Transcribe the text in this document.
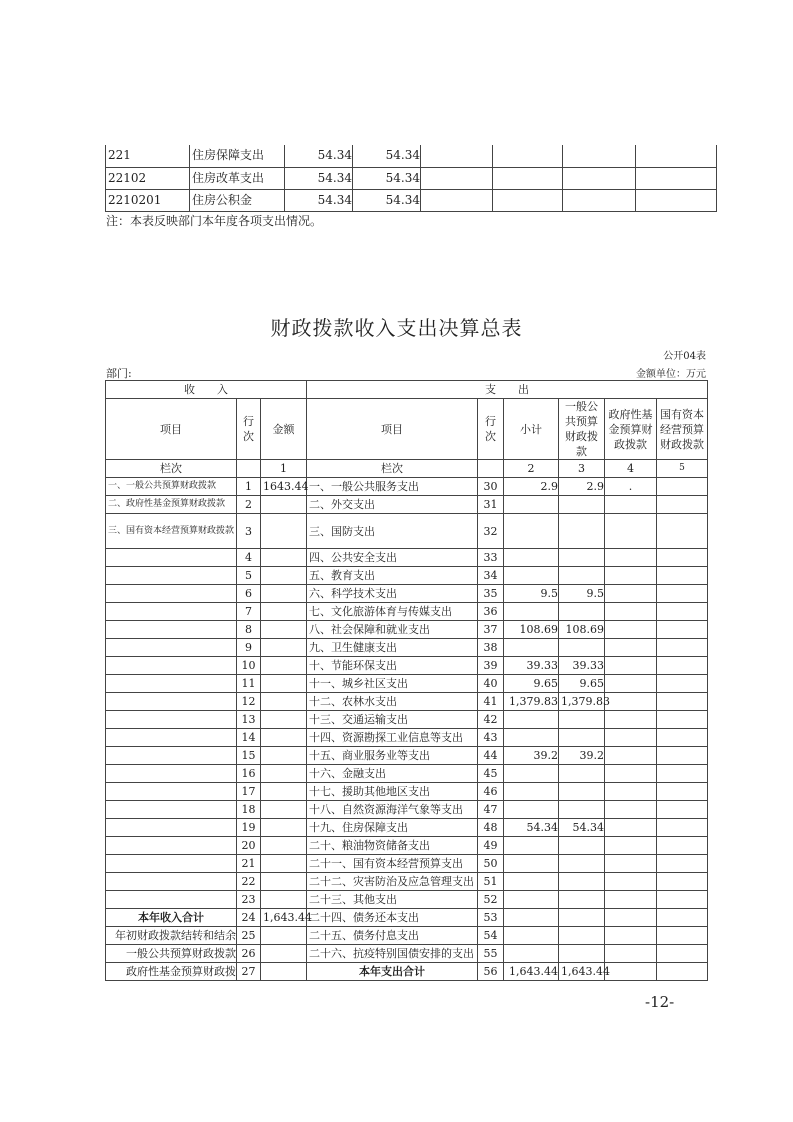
221	住房保障支出	54.34	54.34				
22102	住房改革支出	54.34	54.34				
2210201	住房公积金	54.34	54.34				
注：本表反映部门本年度各项支出情况。
财政拨款收入支出决算总表
公开04表
部门:	金额单位：万元
收　　入			支　　出					
项目	行次	金额	项目	行次	小计	一般公共预算财政拨款	政府性基金预算财政拨款	国有资本经营预算财政拨款
栏次		1	栏次		2	3	4	5
一、一般公共预算财政拨款	1	1643.44	一、一般公共服务支出	30	2.9	2.9	.	
二、政府性基金预算财政拨款	2		二、外交支出	31				
三、国有资本经营预算财政拨款	3		三、国防支出	32				
	4		四、公共安全支出	33				
	5		五、教育支出	34				
	6		六、科学技术支出	35	9.5	9.5		
	7		七、文化旅游体育与传媒支出	36				
	8		八、社会保障和就业支出	37	108.69	108.69		
	9		九、卫生健康支出	38				
	10		十、节能环保支出	39	39.33	39.33		
	11		十一、城乡社区支出	40	9.65	9.65		
	12		十二、农林水支出	41	1,379.83	1,379.83		
	13		十三、交通运输支出	42				
	14		十四、资源勘探工业信息等支出	43				
	15		十五、商业服务业等支出	44	39.2	39.2		
	16		十六、金融支出	45				
	17		十七、援助其他地区支出	46				
	18		十八、自然资源海洋气象等支出	47				
	19		十九、住房保障支出	48	54.34	54.34		
	20		二十、粮油物资储备支出	49				
	21		二十一、国有资本经营预算支出	50				
	22		二十二、灾害防治及应急管理支出	51				
	23		二十三、其他支出	52				
本年收入合计	24	1,643.44	二十四、债务还本支出	53				
年初财政拨款结转和结余	25		二十五、债务付息支出	54				
一般公共预算财政拨款	26		二十六、抗疫特别国债安排的支出	55				
政府性基金预算财政拨	27		本年支出合计	56	1,643.44	1,643.44		
-12-
